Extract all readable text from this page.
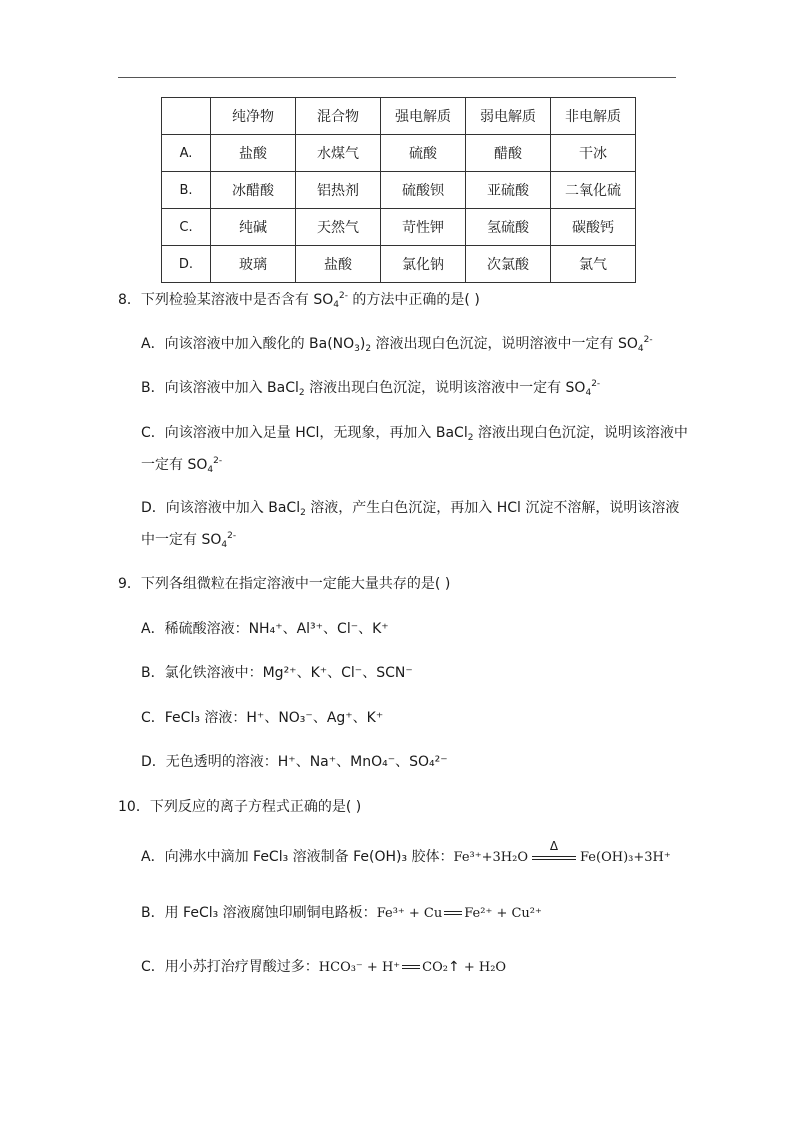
	纯净物	混合物	强电解质	弱电解质	非电解质
A.	盐酸	水煤气	硫酸	醋酸	干冰
B.	冰醋酸	铝热剂	硫酸钡	亚硫酸	二氧化硫
C.	纯碱	天然气	苛性钾	氢硫酸	碳酸钙
D.	玻璃	盐酸	氯化钠	次氯酸	氯气
8．下列检验某溶液中是否含有 $SO_4^{2-}$ 的方法中正确的是( )
A．向该溶液中加入酸化的 $Ba(NO_3)_2$ 溶液出现白色沉淀，说明溶液中一定有 $SO_4^{2-}$
B．向该溶液中加入 BaCl$_2$ 溶液出现白色沉淀，说明该溶液中一定有 $SO_4^{2-}$
C．向该溶液中加入足量 HCl，无现象，再加入 BaCl$_2$ 溶液出现白色沉淀，说明该溶液中
一定有 $SO_4^{2-}$
D．向该溶液中加入 BaCl$_2$ 溶液，产生白色沉淀，再加入 HCl 沉淀不溶解，说明该溶液
中一定有 $SO_4^{2-}$
9．下列各组微粒在指定溶液中一定能大量共存的是( )
A．稀硫酸溶液：NH₄⁺、Al³⁺、Cl⁻、K⁺
B．氯化铁溶液中：Mg²⁺、K⁺、Cl⁻、SCN⁻
C．FeCl₃ 溶液：H⁺、NO₃⁻、Ag⁺、K⁺
D．无色透明的溶液：H⁺、Na⁺、MnO₄⁻、SO₄²⁻
10．下列反应的离子方程式正确的是( )
A．向沸水中滴加 FeCl₃ 溶液制备 Fe(OH)₃ 胶体：Fe³⁺+3H₂O
Δ
Fe(OH)₃+3H⁺
B．用 FeCl₃ 溶液腐蚀印刷铜电路板：Fe³⁺ + Cu Fe²⁺ + Cu²⁺
C．用小苏打治疗胃酸过多：HCO₃⁻ + H⁺ CO₂↑ + H₂O
